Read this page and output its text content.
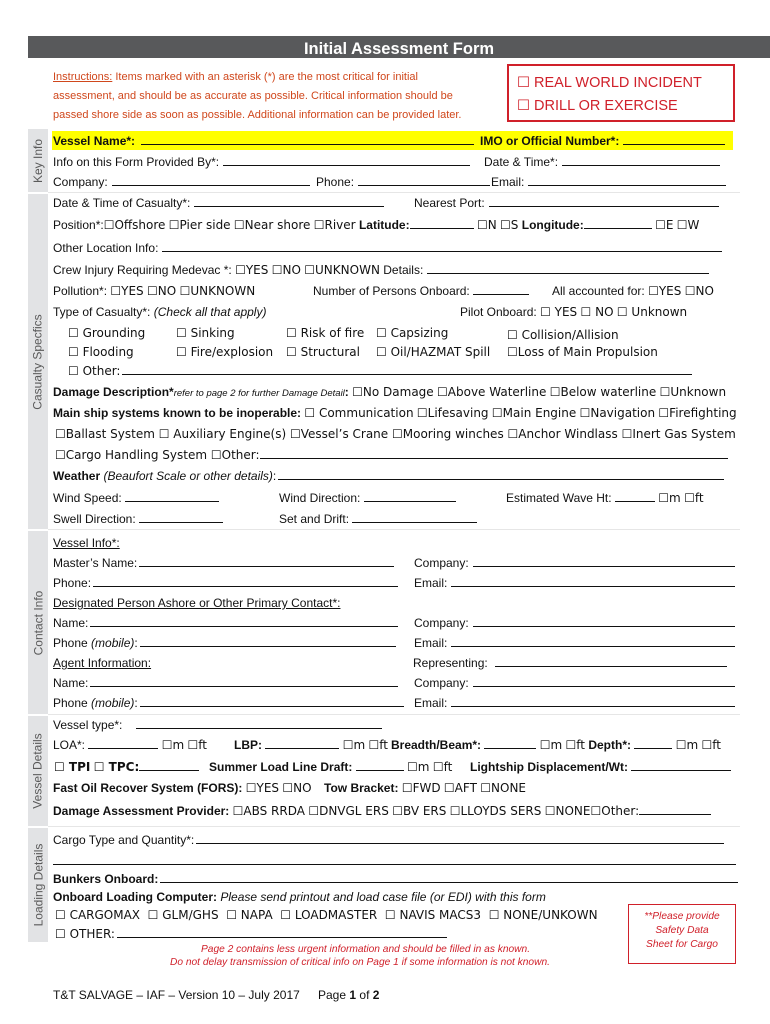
Initial Assessment Form
Instructions: Items marked with an asterisk (*) are the most critical for initial
assessment, and should be as accurate as possible. Critical information should be
passed shore side as soon as possible. Additional information can be provided later.
☐ REAL WORLD INCIDENT
☐ DRILL OR EXERCISE
Key Info
Casualty Specfics
Contact Info
Vessel Details
Loading Details
Vessel Name*:	IMO or Official Number*:
Info on this Form Provided By*:	Date & Time*:
Company:	Phone:	Email:
Date & Time of Casualty*:	Nearest Port:
Position*:☐Offshore ☐Pier side ☐Near shore ☐River Latitude:	☐N ☐S Longitude:	☐E ☐W
Other Location Info:
Crew Injury Requiring Medevac *: ☐YES ☐NO ☐UNKNOWN Details:
Pollution*: ☐YES ☐NO ☐UNKNOWN	Number of Persons Onboard:	All accounted for: ☐YES ☐NO
Type of Casualty*: (Check all that apply)	Pilot Onboard: ☐ YES ☐ NO ☐ Unknown
☐ Grounding	☐ Sinking	☐ Risk of fire ☐ Capsizing	☐ Collision/Allision
☐ Flooding	☐ Fire/explosion ☐ Structural ☐ Oil/HAZMAT Spill ☐Loss of Main Propulsion
☐ Other:
Damage Description*refer to page 2 for further Damage Detail: ☐No Damage ☐Above Waterline ☐Below waterline ☐Unknown
Main ship systems known to be inoperable: ☐ Communication ☐Lifesaving ☐Main Engine ☐Navigation ☐Firefighting
☐Ballast System ☐ Auxiliary Engine(s) ☐Vessel’s Crane ☐Mooring winches ☐Anchor Windlass ☐Inert Gas System
☐Cargo Handling System ☐Other:
Weather (Beaufort Scale or other details):
Wind Speed:	Wind Direction:	Estimated Wave Ht:	☐m ☐ft
Swell Direction:	Set and Drift:
Vessel Info*:
Master’s Name:	Company:
Phone:	Email:
Designated Person Ashore or Other Primary Contact*:
Name:	Company:
Phone (mobile):	Email:
Agent Information:	Representing:
Name:	Company:
Phone (mobile):	Email:
Vessel type*:
LOA*:	☐m ☐ft LBP:	☐m ☐ft Breadth/Beam*:	☐m ☐ft Depth*:	☐m ☐ft
☐ TPI ☐ TPC:	Summer Load Line Draft:	☐m ☐ft Lightship Displacement/Wt:
Fast Oil Recover System (FORS): ☐YES ☐NO Tow Bracket: ☐FWD ☐AFT ☐NONE
Damage Assessment Provider: ☐ABS RRDA ☐DNVGL ERS ☐BV ERS ☐LLOYDS SERS ☐NONE☐Other:
Cargo Type and Quantity*:
Bunkers Onboard:
Onboard Loading Computer: Please send printout and load case file (or EDI) with this form
☐ CARGOMAX ☐ GLM/GHS ☐ NAPA ☐ LOADMASTER ☐ NAVIS MACS3 ☐ NONE/UNKOWN
☐ OTHER:
**Please provide
Safety Data
Sheet for Cargo
Page 2 contains less urgent information and should be filled in as known.
Do not delay transmission of critical info on Page 1 if some information is not known.
T&T SALVAGE – IAF – Version 10 – July 2017 Page 1 of 2
